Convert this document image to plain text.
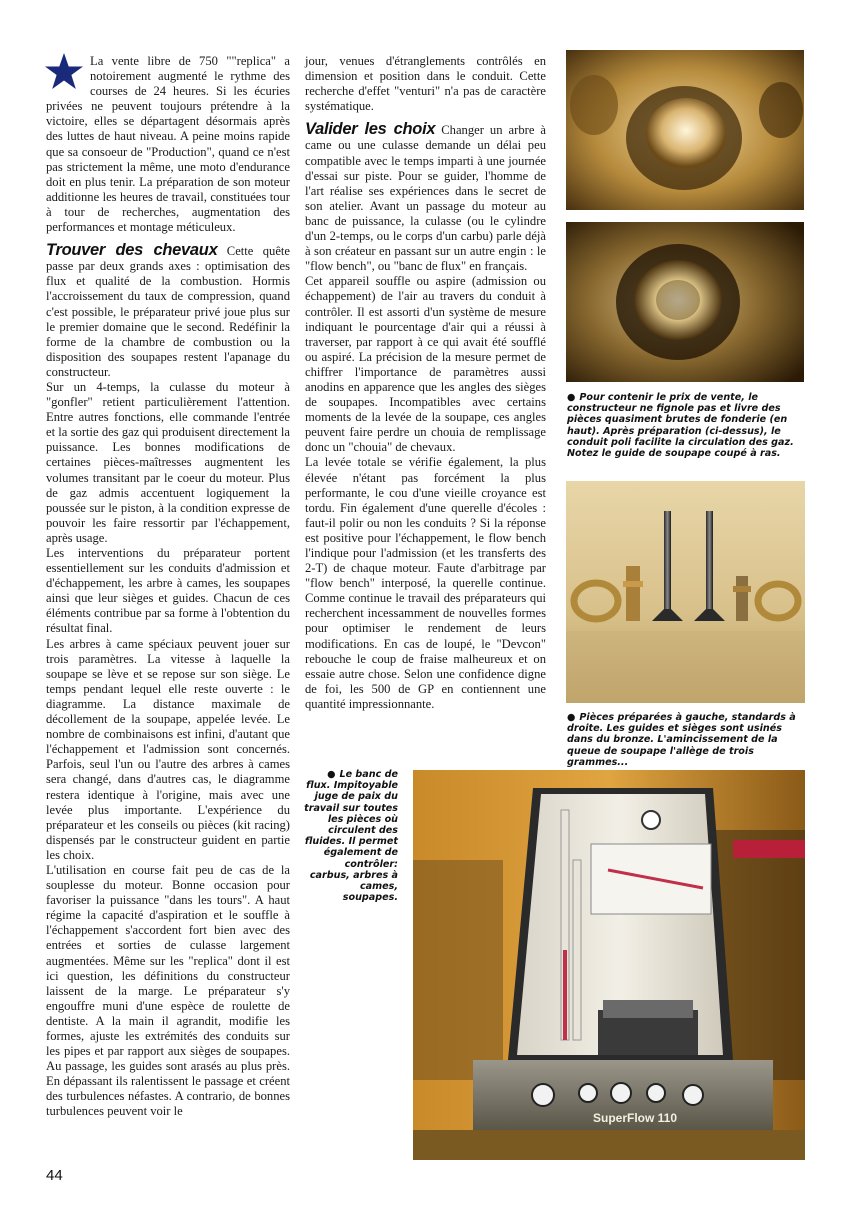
La vente libre de 750 ""replica" a notoirement augmenté le rythme des courses de 24 heures. Si les écuries privées ne peuvent toujours prétendre à la victoire, elles se départagent désormais après des luttes de haut niveau. A peine moins rapide que sa consoeur de "Production", quand ce n'est pas strictement la même, une moto d'endurance doit en plus tenir. La préparation de son moteur additionne les heures de travail, constituées tour à tour de recherches, augmentation des performances et montage méticuleux.

Trouver des chevaux Cette quête passe par deux grands axes : optimisation des flux et qualité de la combustion. Hormis l'accroissement du taux de compression, quand c'est possible, le préparateur privé joue plus sur le premier domaine que le second. Redéfinir la forme de la chambre de combustion ou la disposition des soupapes restent l'apanage du constructeur.

Sur un 4-temps, la culasse du moteur à "gonfler" retient particulièrement l'attention. Entre autres fonctions, elle commande l'entrée et la sortie des gaz qui produisent directement la puissance. Les bonnes modifications de certaines pièces-maîtresses augmentent les volumes transitant par le coeur du moteur. Plus de gaz admis accentuent logiquement la poussée sur le piston, à la condition expresse de pouvoir les faire ressortir par l'échappement, après usage.

Les interventions du préparateur portent essentiellement sur les conduits d'admission et d'échappement, les arbre à cames, les soupapes ainsi que leur sièges et guides. Chacun de ces éléments contribue par sa forme à l'obtention du résultat final.

Les arbres à came spéciaux peuvent jouer sur trois paramètres. La vitesse à laquelle la soupape se lève et se repose sur son siège. Le temps pendant lequel elle reste ouverte : le diagramme. La distance maximale de décollement de la soupape, appelée levée. Le nombre de combinaisons est infini, d'autant que l'échappement et l'admission sont concernés. Parfois, seul l'un ou l'autre des arbres à cames sera changé, dans d'autres cas, le diagramme restera identique à l'origine, mais avec une levée plus importante. L'expérience du préparateur et les conseils ou pièces (kit racing) dispensés par le constructeur guident en partie les choix.

L'utilisation en course fait peu de cas de la souplesse du moteur. Bonne occasion pour favoriser la puissance "dans les tours". A haut régime la capacité d'aspiration et le souffle à l'échappement s'accordent fort bien avec des entrées et sorties de culasse largement augmentées. Même sur les "replica" dont il est ici question, les définitions du constructeur laissent de la marge. Le préparateur s'y engouffre muni d'une espèce de roulette de dentiste. A la main il agrandit, modifie les formes, ajuste les extrémités des conduits sur les pipes et par rapport aux sièges de soupapes. Au passage, les guides sont arasés au plus près. En dépassant ils ralentissent le passage et créent des turbulences néfastes. A contrario, de bonnes turbulences peuvent voir le

jour, venues d'étranglements contrôlés en dimension et position dans le conduit. Cette recherche d'effet "venturi" n'a pas de caractère systématique.

Valider les choix Changer un arbre à came ou une culasse demande un délai peu compatible avec le temps imparti à une journée d'essai sur piste. Pour se guider, l'homme de l'art réalise ses expériences dans le secret de son atelier. Avant un passage du moteur au banc de puissance, la culasse (ou le cylindre d'un 2-temps, ou le corps d'un carbu) parle déjà à son créateur en passant sur un autre engin : le "flow bench", ou "banc de flux" en français.

Cet appareil souffle ou aspire (admission ou échappement) de l'air au travers du conduit à contrôler. Il est assorti d'un système de mesure indiquant le pourcentage d'air qui a réussi à traverser, par rapport à ce qui avait été soufflé ou aspiré. La précision de la mesure permet de chiffrer l'importance de paramètres aussi anodins en apparence que les angles des sièges de soupapes. Incompatibles avec certains moments de la levée de la soupape, ces angles peuvent faire perdre un chouia de remplissage donc un "chouia" de chevaux.

La levée totale se vérifie également, la plus élevée n'étant pas forcément la plus performante, le cou d'une vieille croyance est tordu. Fin également d'une querelle d'écoles : faut-il polir ou non les conduits ? Si la réponse est positive pour l'échappement, le flow bench l'indique pour l'admission (et les transferts des 2-T) de chaque moteur. Faute d'arbitrage par "flow bench" interposé, la querelle continue. Comme continue le travail des préparateurs qui recherchent incessamment de nouvelles formes pour optimiser le rendement de leurs modifications. En cas de loupé, le "Devcon" rebouche le coup de fraise malheureux et on essaie autre chose. Selon une confidence digne de foi, les 500 de GP en contiennent une quantité impressionnante.

● Pour contenir le prix de vente, le constructeur ne fignole pas et livre des pièces quasiment brutes de fonderie (en haut). Après préparation (ci-dessus), le conduit poli facilite la circulation des gaz. Notez le guide de soupape coupé à ras.
● Pièces préparées à gauche, standards à droite. Les guides et sièges sont usinés dans du bronze. L'amincissement de la queue de soupape l'allège de trois grammes...
● Le banc de flux. Impitoyable juge de paix du travail sur toutes les pièces où circulent des fluides. Il permet également de contrôler: carbus, arbres à cames, soupapes.
SuperFlow 110
44
